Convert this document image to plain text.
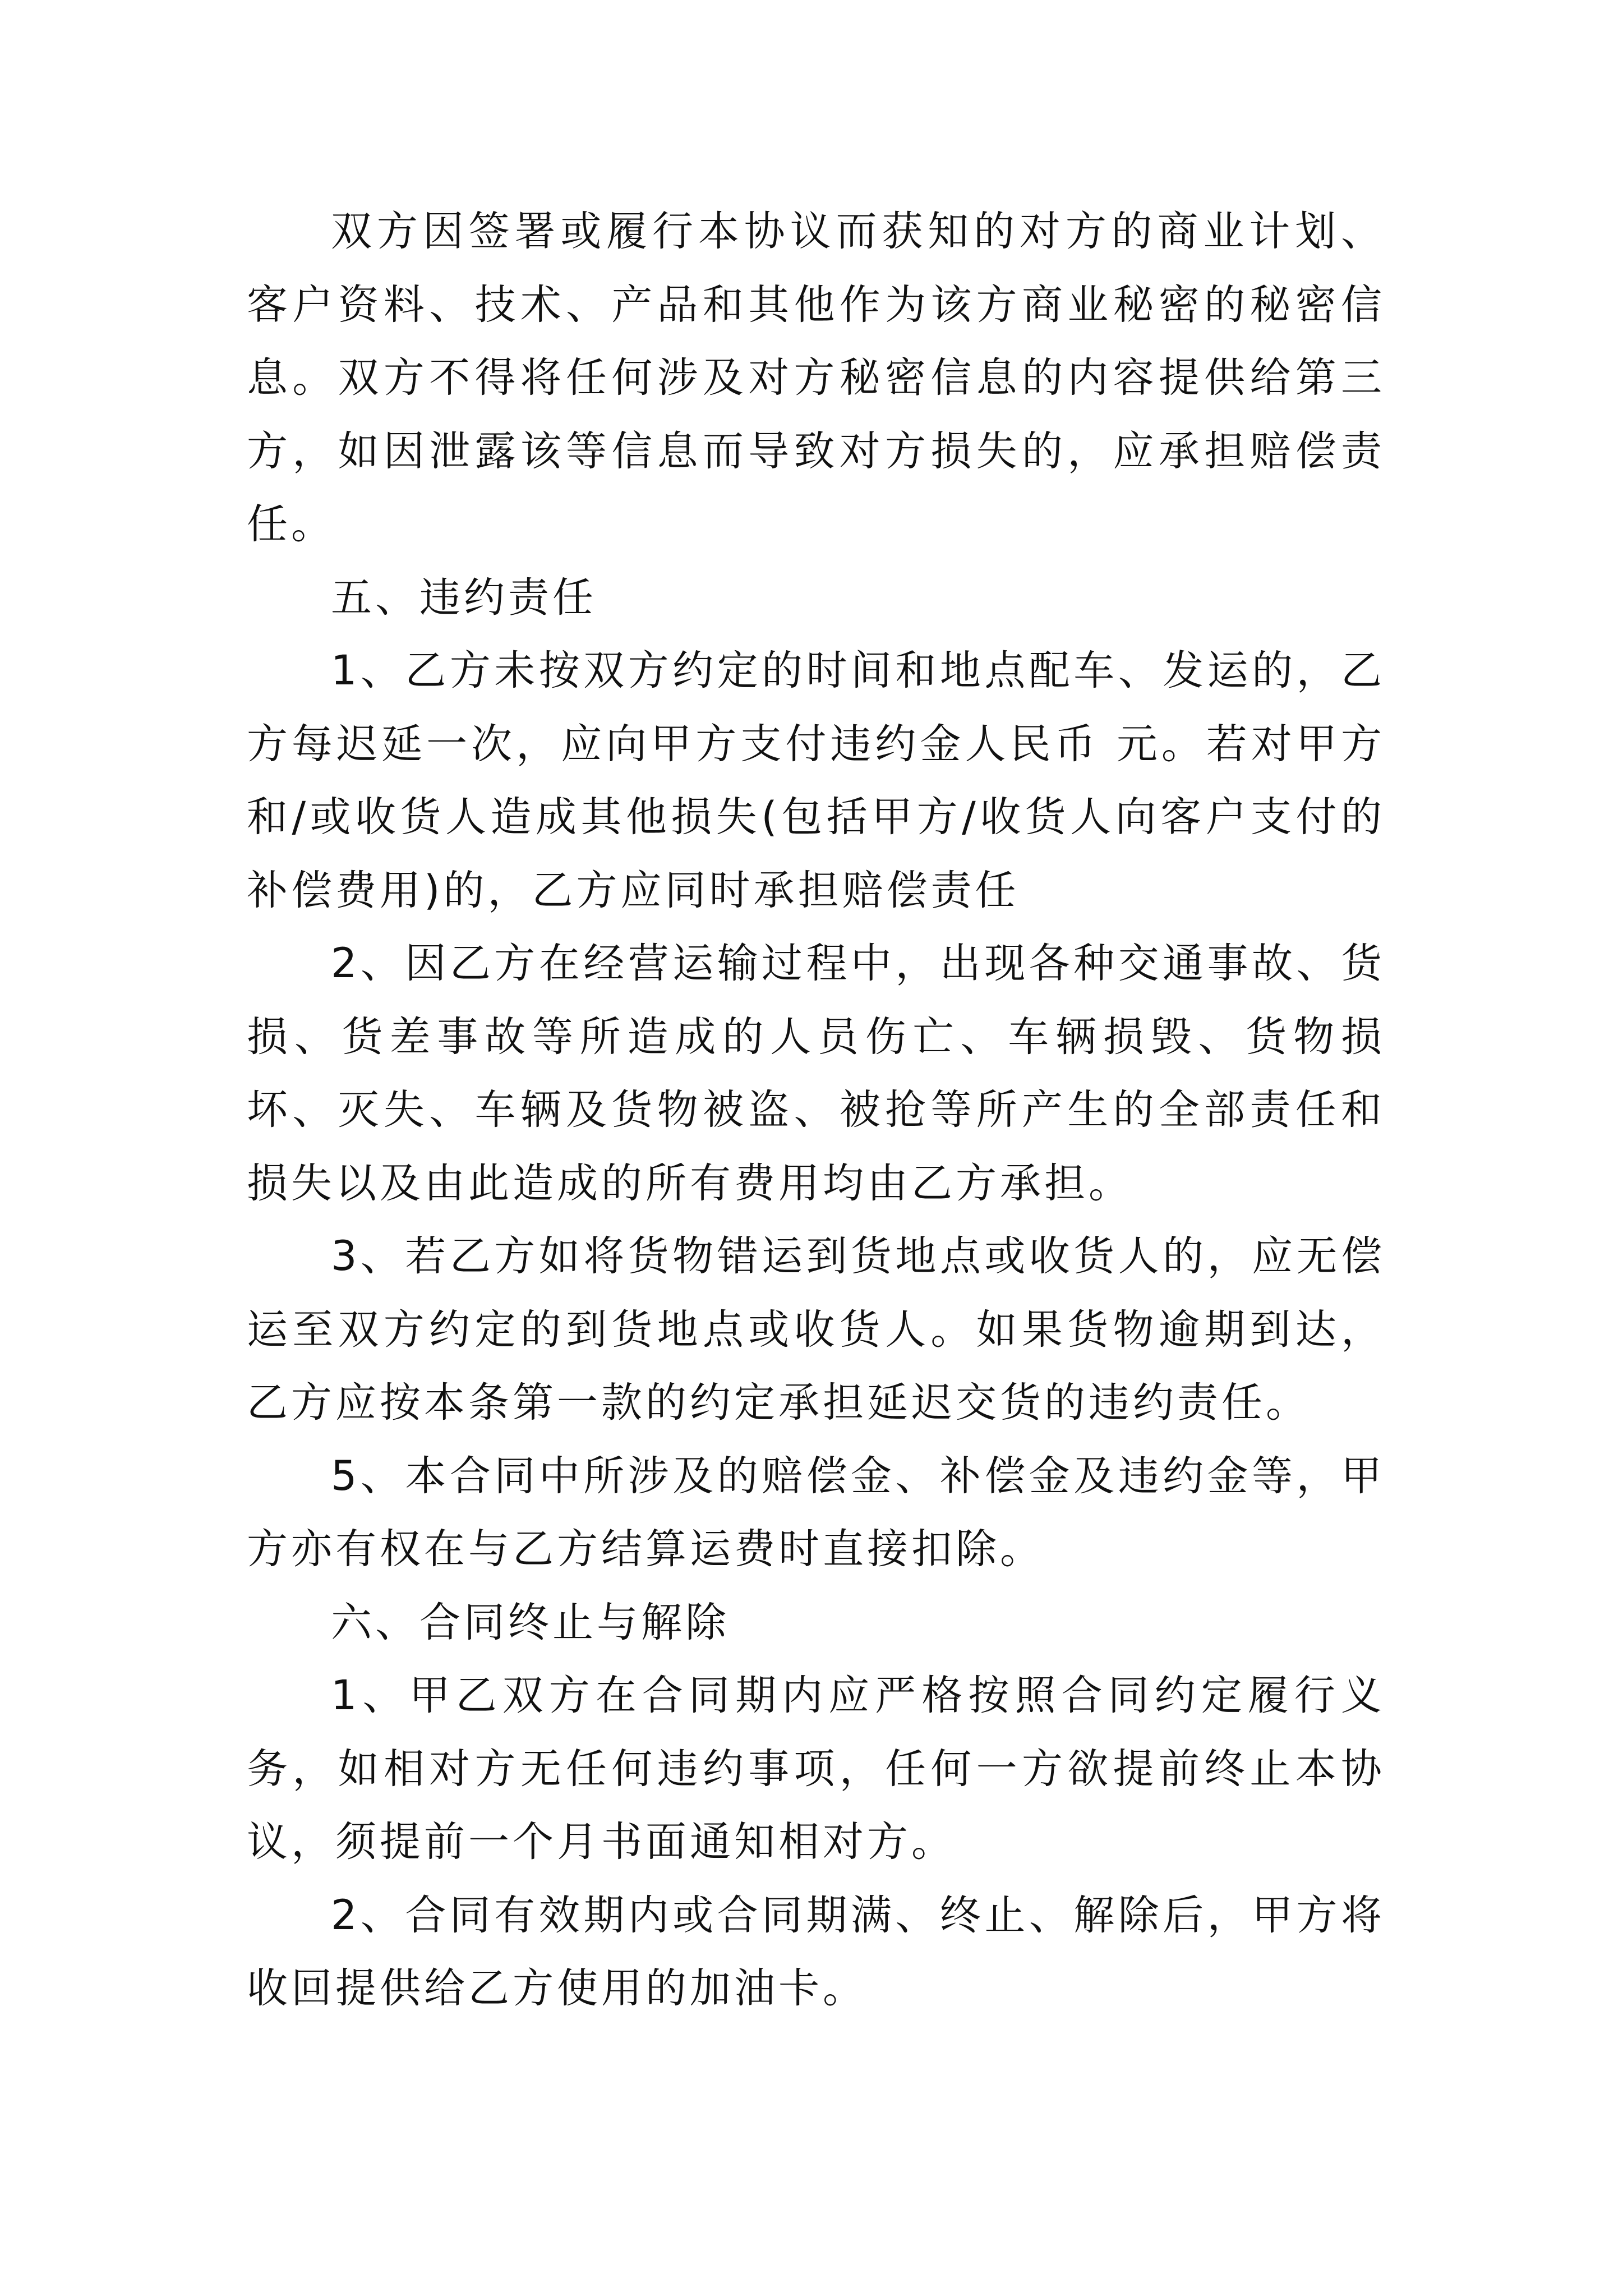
双方因签署或履行本协议而获知的对方的商业计划、客户资料、技术、产品和其他作为该方商业秘密的秘密信息。双方不得将任何涉及对方秘密信息的内容提供给第三方，如因泄露该等信息而导致对方损失的，应承担赔偿责任。

五、违约责任

1、乙方未按双方约定的时间和地点配车、发运的，乙方每迟延一次，应向甲方支付违约金人民币 元。若对甲方和/或收货人造成其他损失(包括甲方/收货人向客户支付的补偿费用)的，乙方应同时承担赔偿责任

2、因乙方在经营运输过程中，出现各种交通事故、货损、货差事故等所造成的人员伤亡、车辆损毁、货物损坏、灭失、车辆及货物被盗、被抢等所产生的全部责任和损失以及由此造成的所有费用均由乙方承担。

3、若乙方如将货物错运到货地点或收货人的，应无偿运至双方约定的到货地点或收货人。如果货物逾期到达，乙方应按本条第一款的约定承担延迟交货的违约责任。

5、本合同中所涉及的赔偿金、补偿金及违约金等，甲方亦有权在与乙方结算运费时直接扣除。

六、合同终止与解除

1、甲乙双方在合同期内应严格按照合同约定履行义务，如相对方无任何违约事项，任何一方欲提前终止本协议，须提前一个月书面通知相对方。

2、合同有效期内或合同期满、终止、解除后，甲方将收回提供给乙方使用的加油卡。
